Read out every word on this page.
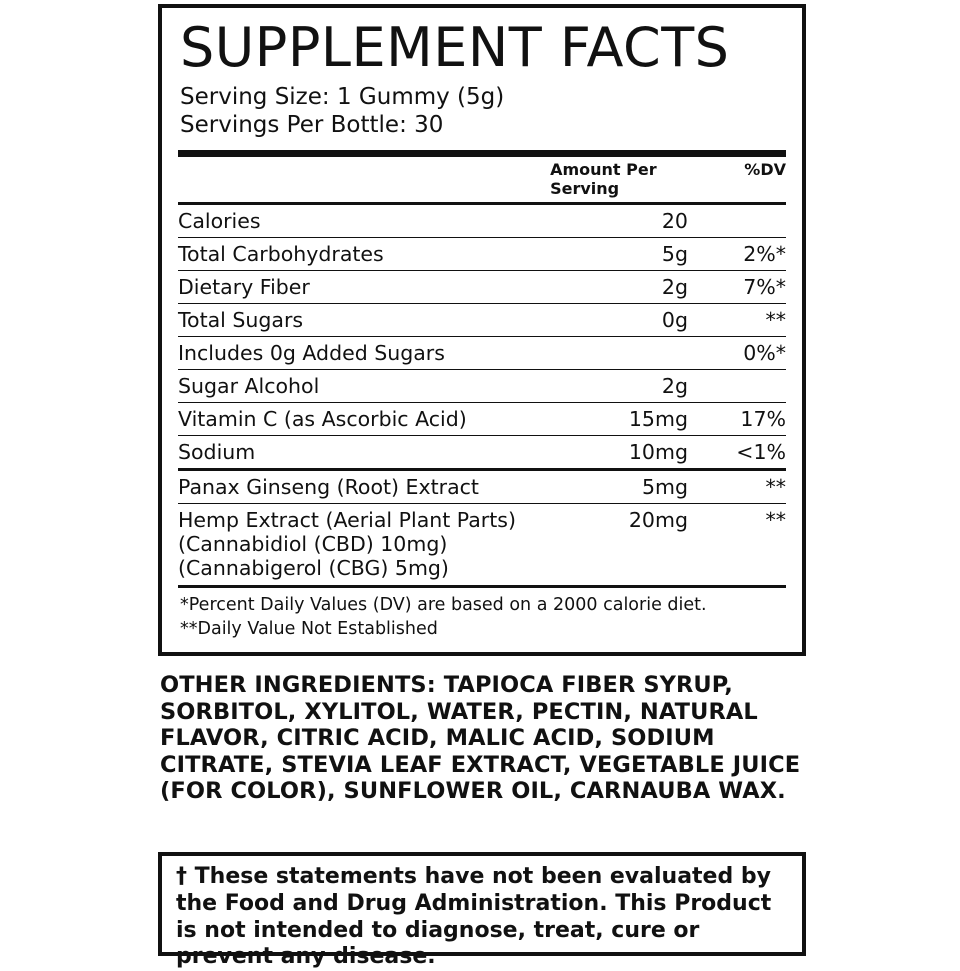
SUPPLEMENT FACTS
Serving Size: 1 Gummy (5g)
Servings Per Bottle: 30
	Amount Per
Serving	%DV
Calories	20	
Total Carbohydrates	5g	2%*
Dietary Fiber	2g	7%*
Total Sugars	0g	**
Includes 0g Added Sugars		0%*
Sugar Alcohol	2g	
Vitamin C (as Ascorbic Acid)	15mg	17%
Sodium	10mg	<1%
Panax Ginseng (Root) Extract	5mg	**

Hemp Extract (Aerial Plant Parts)
(Cannabidiol (CBD) 10mg) (Cannabigerol (CBG) 5mg)	20mg	**
*Percent Daily Values (DV) are based on a 2000 calorie diet.
**Daily Value Not Established
OTHER INGREDIENTS: TAPIOCA FIBER SYRUP, SORBITOL, XYLITOL, WATER, PECTIN, NATURAL FLAVOR, CITRIC ACID, MALIC ACID, SODIUM CITRATE, STEVIA LEAF EXTRACT, VEGETABLE JUICE (FOR COLOR), SUNFLOWER OIL, CARNAUBA WAX.
† These statements have not been evaluated by the Food and Drug Administration. This Product is not intended to diagnose, treat, cure or prevent any disease.
